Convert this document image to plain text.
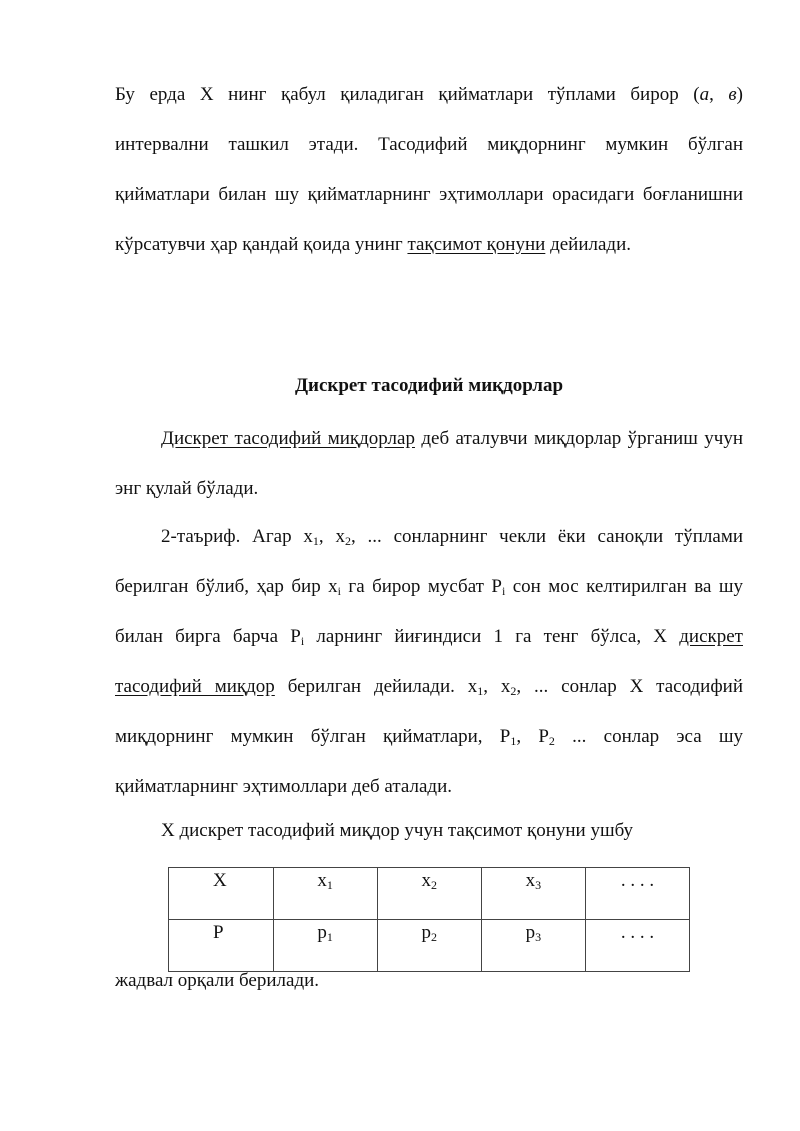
Бу ерда X нинг қабул қиладиган қийматлари тўплами бирор (а, в) интервални ташкил этади. Тасодифий миқдорнинг мумкин бўлган қийматлари билан шу қийматларнинг эҳтимоллари орасидаги боғланишни кўрсатувчи ҳар қандай қоида унинг тақсимот қонуни дейилади.

Дискрет тасодифий миқдорлар

Дискрет тасодифий миқдорлар деб аталувчи миқдорлар ўрганиш учун энг қулай бўлади.

2-таъриф. Агар $x_1$, $x_2$, ... сонларнинг чекли ёки саноқли тўплами берилган бўлиб, ҳар бир $x_i$ га бирор мусбат $P_i$ сон мос келтирилган ва шу билан бирга барча $P_i$ ларнинг йиғиндиси 1 га тенг бўлса, X дискрет тасодифий миқдор берилган дейилади. $x_1$, $x_2$, ... сонлар X тасодифий миқдорнинг мумкин бўлган қийматлари, $P_1$, $P_2$ ... сонлар эса шу қийматларнинг эҳтимоллари деб аталади.

X дискрет тасодифий миқдор учун тақсимот қонуни ушбу

X	$x_1$	$x_2$	$x_3$	. . . .
P	$p_1$	$p_2$	$p_3$	. . . .

жадвал орқали берилади.
